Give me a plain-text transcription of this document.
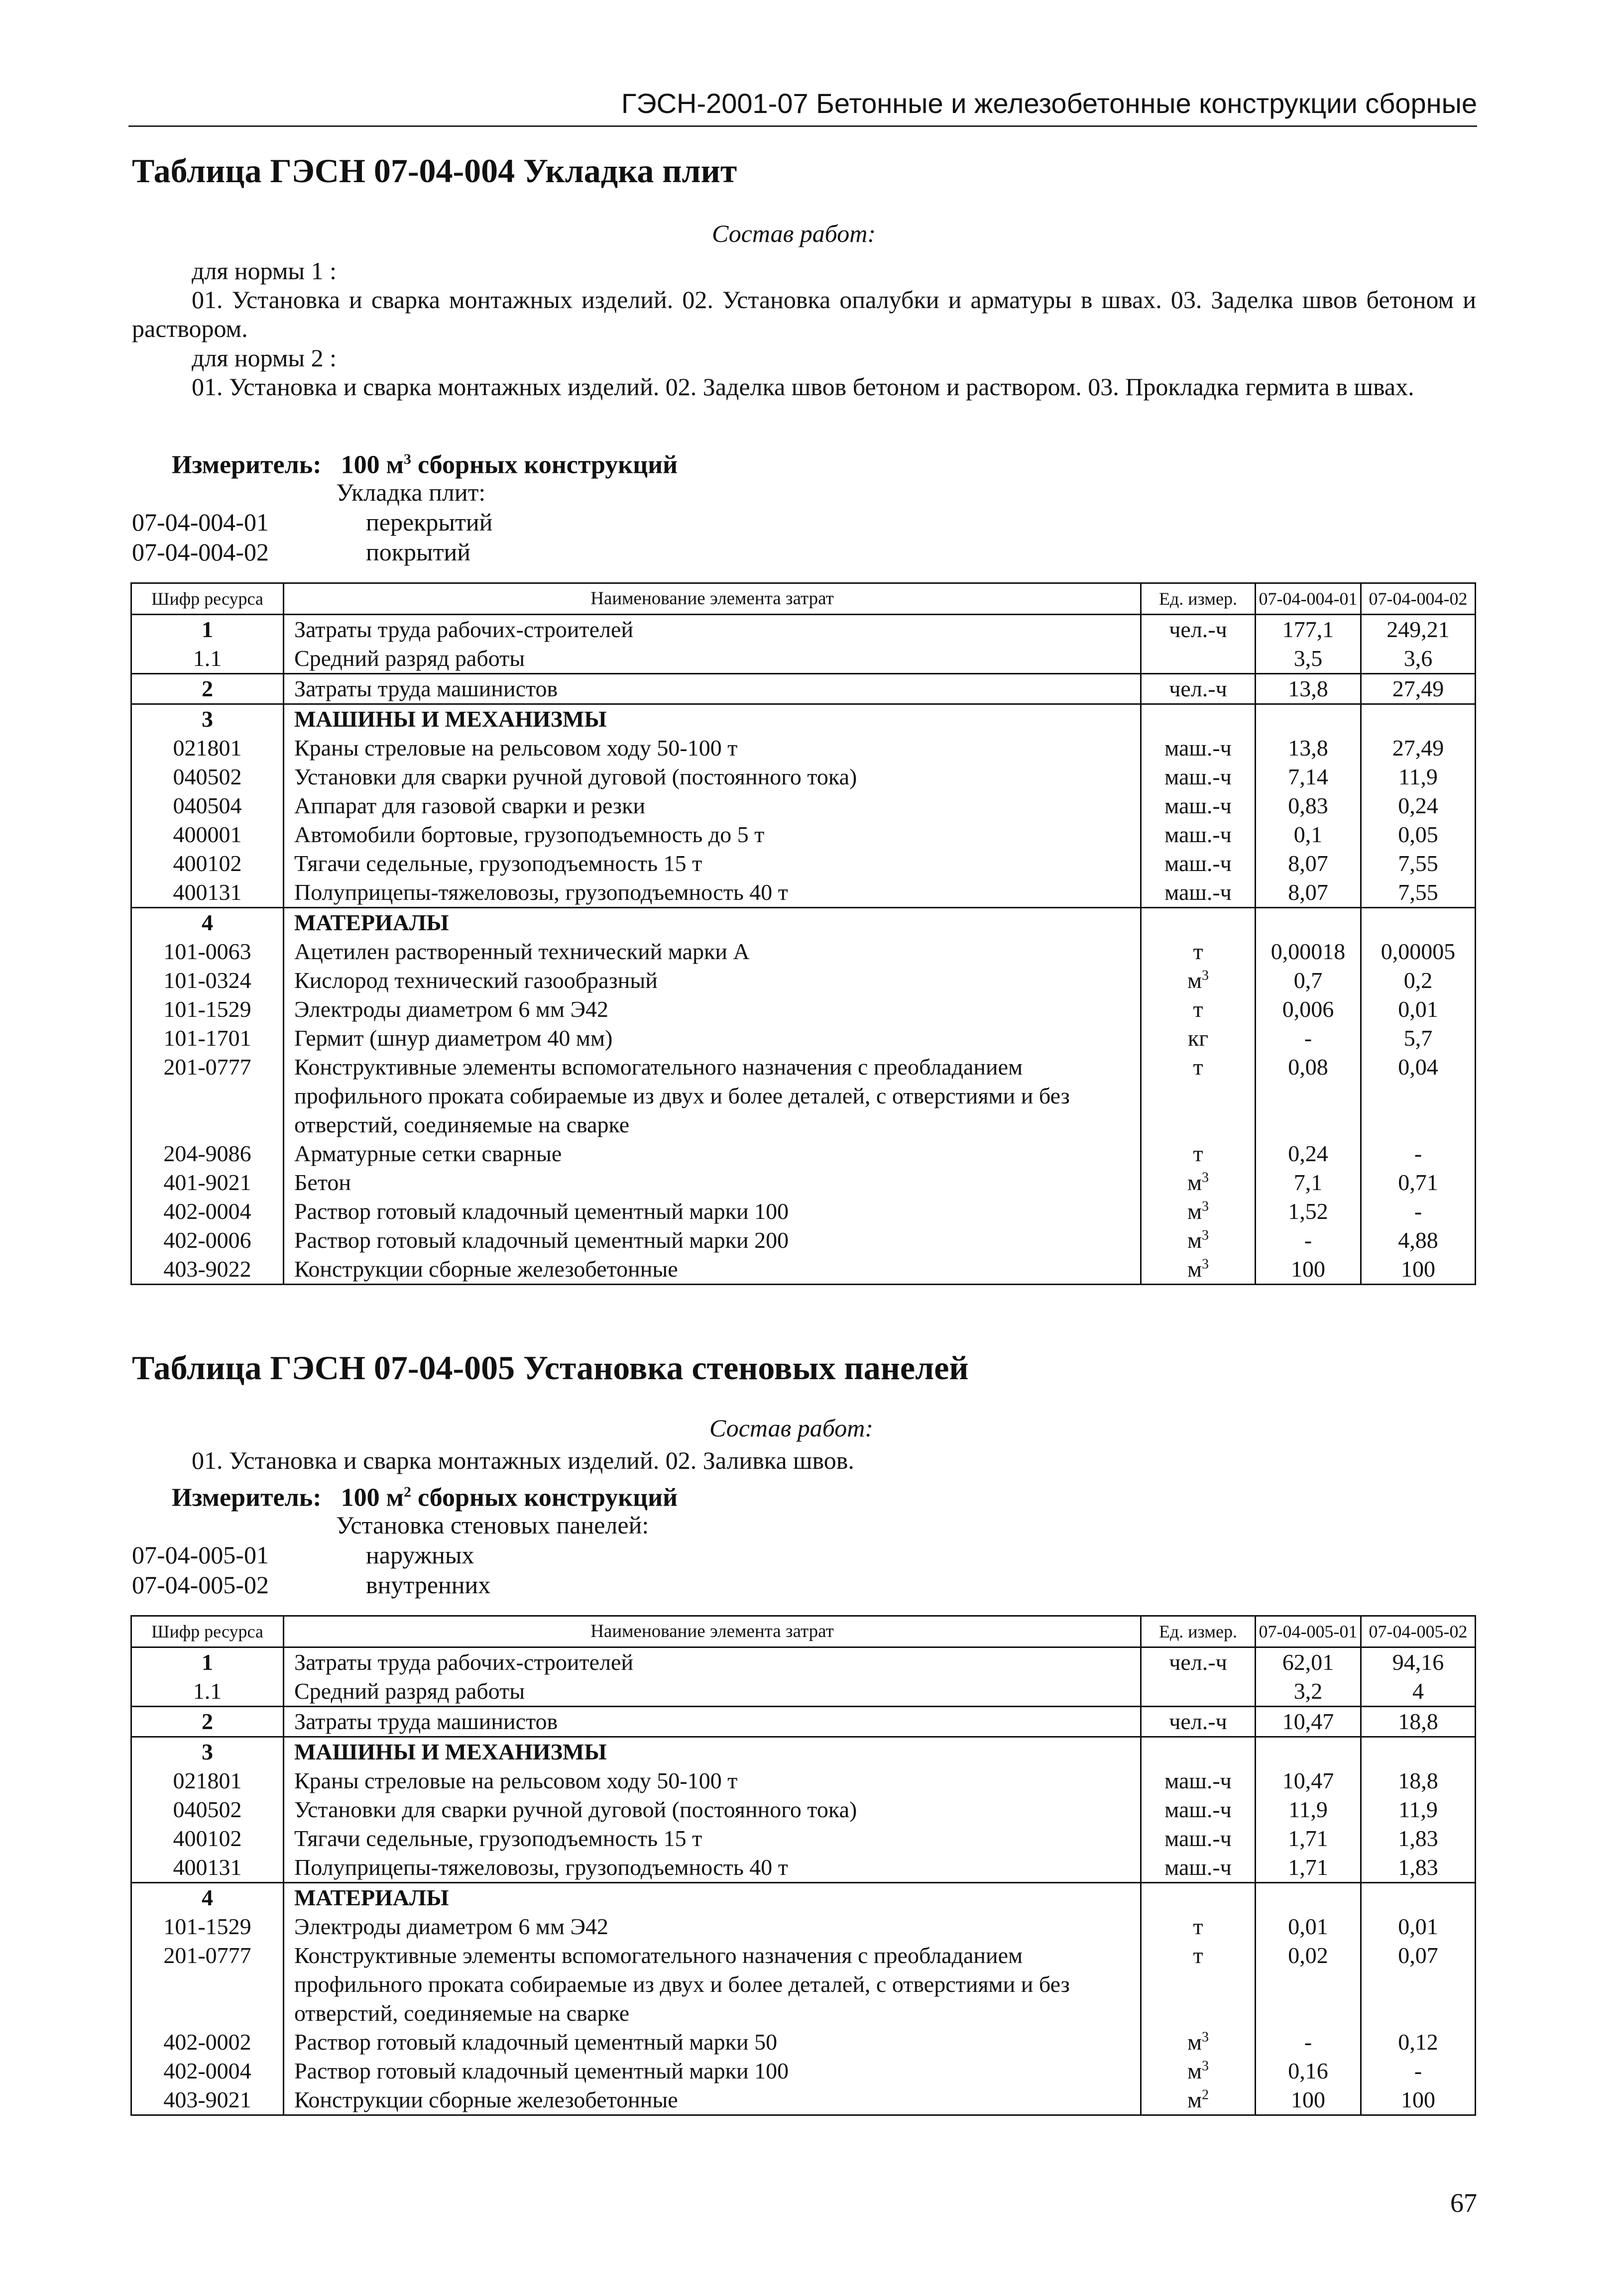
ГЭСН-2001-07 Бетонные и железобетонные конструкции сборные
Таблица ГЭСН 07-04-004 Укладка плит
Состав работ:
для нормы 1 :
01. Установка и сварка монтажных изделий. 02. Установка опалубки и арматуры в швах. 03. Заделка швов бетоном и раствором.
для нормы 2 :
01. Установка и сварка монтажных изделий. 02. Заделка швов бетоном и раствором. 03. Прокладка гермита в швах.
Измеритель: 100 $м^3$ сборных конструкций
Укладка плит:
07-04-004-01	перекрытий
07-04-004-02	покрытий
Шифр ресурса	Наименование элемента затрат	Ед. измер.	07-04-004-01	07-04-004-02
1	Затраты труда рабочих-строителей	чел.-ч	177,1	249,21
1.1	Средний разряд работы		3,5	3,6
2	Затраты труда машинистов	чел.-ч	13,8	27,49
3	МАШИНЫ И МЕХАНИЗМЫ			
021801	Краны стреловые на рельсовом ходу 50-100 т	маш.-ч	13,8	27,49
040502	Установки для сварки ручной дуговой (постоянного тока)	маш.-ч	7,14	11,9
040504	Аппарат для газовой сварки и резки	маш.-ч	0,83	0,24
400001	Автомобили бортовые, грузоподъемность до 5 т	маш.-ч	0,1	0,05
400102	Тягачи седельные, грузоподъемность 15 т	маш.-ч	8,07	7,55
400131	Полуприцепы-тяжеловозы, грузоподъемность 40 т	маш.-ч	8,07	7,55
4	МАТЕРИАЛЫ			
101-0063	Ацетилен растворенный технический марки А	т	0,00018	0,00005
101-0324	Кислород технический газообразный	$м^3$	0,7	0,2
101-1529	Электроды диаметром 6 мм Э42	т	0,006	0,01
101-1701	Гермит (шнур диаметром 40 мм)	кг	-	5,7
201-0777	Конструктивные элементы вспомогательного назначения с преобладанием профильного проката собираемые из двух и более деталей, с отверстиями и без отверстий, соединяемые на сварке	т	0,08	0,04
204-9086	Арматурные сетки сварные	т	0,24	-
401-9021	Бетон	$м^3$	7,1	0,71
402-0004	Раствор готовый кладочный цементный марки 100	$м^3$	1,52	-
402-0006	Раствор готовый кладочный цементный марки 200	$м^3$	-	4,88
403-9022	Конструкции сборные железобетонные	$м^3$	100	100
Таблица ГЭСН 07-04-005 Установка стеновых панелей
Состав работ:
01. Установка и сварка монтажных изделий. 02. Заливка швов.
Измеритель: 100 $м^2$ сборных конструкций
Установка стеновых панелей:
07-04-005-01	наружных
07-04-005-02	внутренних
Шифр ресурса	Наименование элемента затрат	Ед. измер.	07-04-005-01	07-04-005-02
1	Затраты труда рабочих-строителей	чел.-ч	62,01	94,16
1.1	Средний разряд работы		3,2	4
2	Затраты труда машинистов	чел.-ч	10,47	18,8
3	МАШИНЫ И МЕХАНИЗМЫ			
021801	Краны стреловые на рельсовом ходу 50-100 т	маш.-ч	10,47	18,8
040502	Установки для сварки ручной дуговой (постоянного тока)	маш.-ч	11,9	11,9
400102	Тягачи седельные, грузоподъемность 15 т	маш.-ч	1,71	1,83
400131	Полуприцепы-тяжеловозы, грузоподъемность 40 т	маш.-ч	1,71	1,83
4	МАТЕРИАЛЫ			
101-1529	Электроды диаметром 6 мм Э42	т	0,01	0,01
201-0777	Конструктивные элементы вспомогательного назначения с преобладанием профильного проката собираемые из двух и более деталей, с отверстиями и без отверстий, соединяемые на сварке	т	0,02	0,07
402-0002	Раствор готовый кладочный цементный марки 50	$м^3$	-	0,12
402-0004	Раствор готовый кладочный цементный марки 100	$м^3$	0,16	-
403-9021	Конструкции сборные железобетонные	$м^2$	100	100
67
